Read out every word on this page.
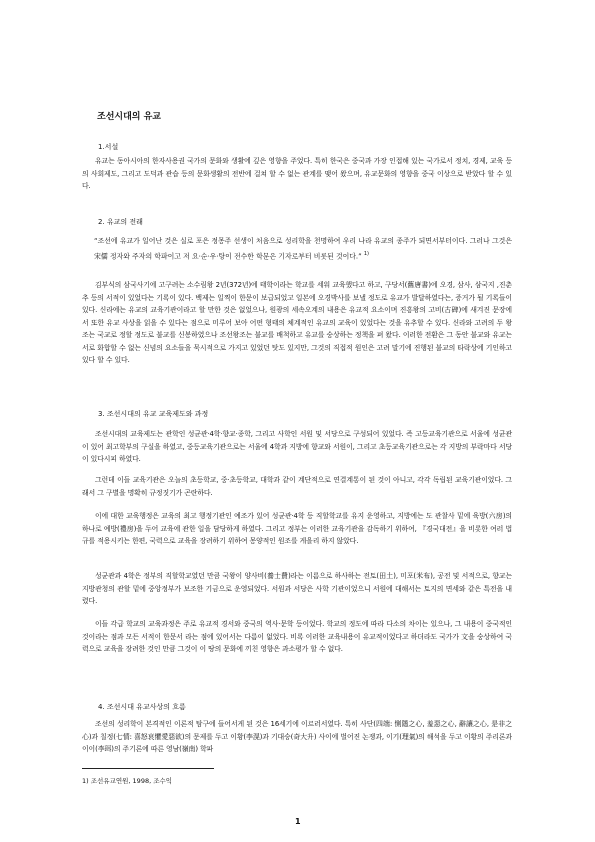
조선시대의 유교
1.서설
유교는 동아시아의 한자사용권 국가의 문화와 생활에 깊은 영향을 주었다. 특히 한국은 중국과 가장 인접해 있는 국가로서 정치, 경제, 교육 등의 사회제도, 그리고 도덕과 관습 등의 문화생활의 전반에 걸쳐 할 수 없는 관계를 맺어 왔으며, 유교문화의 영향을 중국 이상으로 받았다 할 수 있다.
2. 유교의 전래
“조선에 유교가 일어난 것은 실로 포은 정몽주 선생이 처음으로 성리학을 천명하여 우리 나라 유교의 종주가 되면서부터이다. 그러나 그것은 宋儒 정자와 주자의 학파이고 저 요·순·우·탕이 전수한 학문은 기자로부터 비롯된 것이다.” $^{1)}$
김부식의 삼국사기에 고구려는 소수림왕 2년(372년)에 태학이라는 학교를 세워 교육했다고 하고, 구당서(舊唐書)에 오경, 삼사, 삼국지 ,진춘추 등의 서적이 있었다는 기록이 있다. 백제는 일찍이 한문이 보급되었고 일본에 오경박사를 보낼 정도로 유교가 발달하였다는, 증거가 될 기록들이 있다. 신라에는 유교의 교육기관이라고 할 만한 것은 없었으나, 원광의 세속오계의 내용은 유교적 요소이며 진흥왕의 고비(古碑)에 새겨진 문장에서 또한 유교 사상을 읽을 수 있다는 점으로 미루어 보아 어떤 형태의 체계적인 유교의 교육이 있었다는 것을 유추할 수 있다. 신라와 고려의 두 왕조는 국교로 정할 정도로 불교를 신봉하였으나 조선왕조는 불교를 배척하고 유교를 숭상하는 정책을 펴 왔다. 이러한 전환은 그 동안 불교와 유교는 서로 화합할 수 없는 신념의 요소들을 묵시적으로 가지고 있었던 탓도 있지만, 그것의 직접적 원인은 고려 말기에 진행된 불교의 타락상에 기인하고 있다 할 수 있다.
3. 조선시대의 유교 교육제도와 과정
조선시대의 교육제도는 관학인 성균관·4학·향교·종학, 그리고 사학인 서원 및 서당으로 구성되어 있었다. 즉 고등교육기관으로 서울에 성균관이 있어 최고학부의 구실을 하였고, 중등교육기관으로는 서울에 4학과 지방에 향교와 서원이, 그리고 초등교육기관으로는 각 지방의 부락마다 서당이 있다시피 하였다.
그런데 이들 교육기관은 오늘의 초등학교, 중·초등학교, 대학과 같이 계단적으로 연결계통이 된 것이 아니고, 각각 독립된 교육기관이었다. 그래서 그 구별을 명확히 규정짓기가 곤란하다.
이에 대한 교육행정은 교육의 최고 행정기관인 예조가 있어 성균관·4학 등 직할학교를 유지 운영하고, 지방에는 도 관찰사 밑에 육방(六房)의 하나로 예방(禮房)을 두어 교육에 관한 일을 담당하게 하였다. 그리고 정부는 이러한 교육기관을 감독하기 위하여, 『경국대전』을 비롯한 여러 법규를 적용시키는 한편, 국력으로 교육을 장려하기 위하여 몽양적인 원조를 게을리 하지 않았다.
성균관과 4학은 정부의 직할학교였던 만큼 국왕이 양사비(養士費)라는 이름으로 하사하는 전토(田土), 미포(米布), 공전 및 서적으로, 향교는 지방관청의 관할 밑에 중앙정부가 보조한 기금으로 운영되었다. 서원과 서당은 사학 기관이었으니 서원에 대해서는 토지의 면세와 같은 특전을 내렸다.
이들 각급 학교의 교육과정은 주로 유교적 경서와 중국의 역사·문학 등이었다. 학교의 정도에 따라 다소의 차이는 있으나, 그 내용이 중국적인 것이라는 점과 모든 서적이 한문서 라는 점에 있어서는 다름이 없었다. 비록 이러한 교육내용이 유교적이었다고 하더라도 국가가 文을 숭상하여 국력으로 교육을 장려한 것인 만큼 그것이 이 땅의 문화에 끼친 영향은 과소평가 할 수 없다.
4. 조선시대 유교사상의 흐름
조선의 성리학이 본격적인 이론적 탐구에 들어서게 된 것은 16세기에 이르러서였다. 특히 사단(四端: 惻隱之心, 羞惡之心, 辭讓之心, 是非之心)과 칠정(七情: 喜怒哀懼愛惡欲)의 문제를 두고 이황(李滉)과 기대승(奇大升) 사이에 벌어진 논쟁과, 이기(理氣)의 해석을 두고 이황의 주리론과 이이(李珥)의 주기론에 따른 영남(嶺南) 학파
1) 조선유교연원, 1998, 조수익
1
